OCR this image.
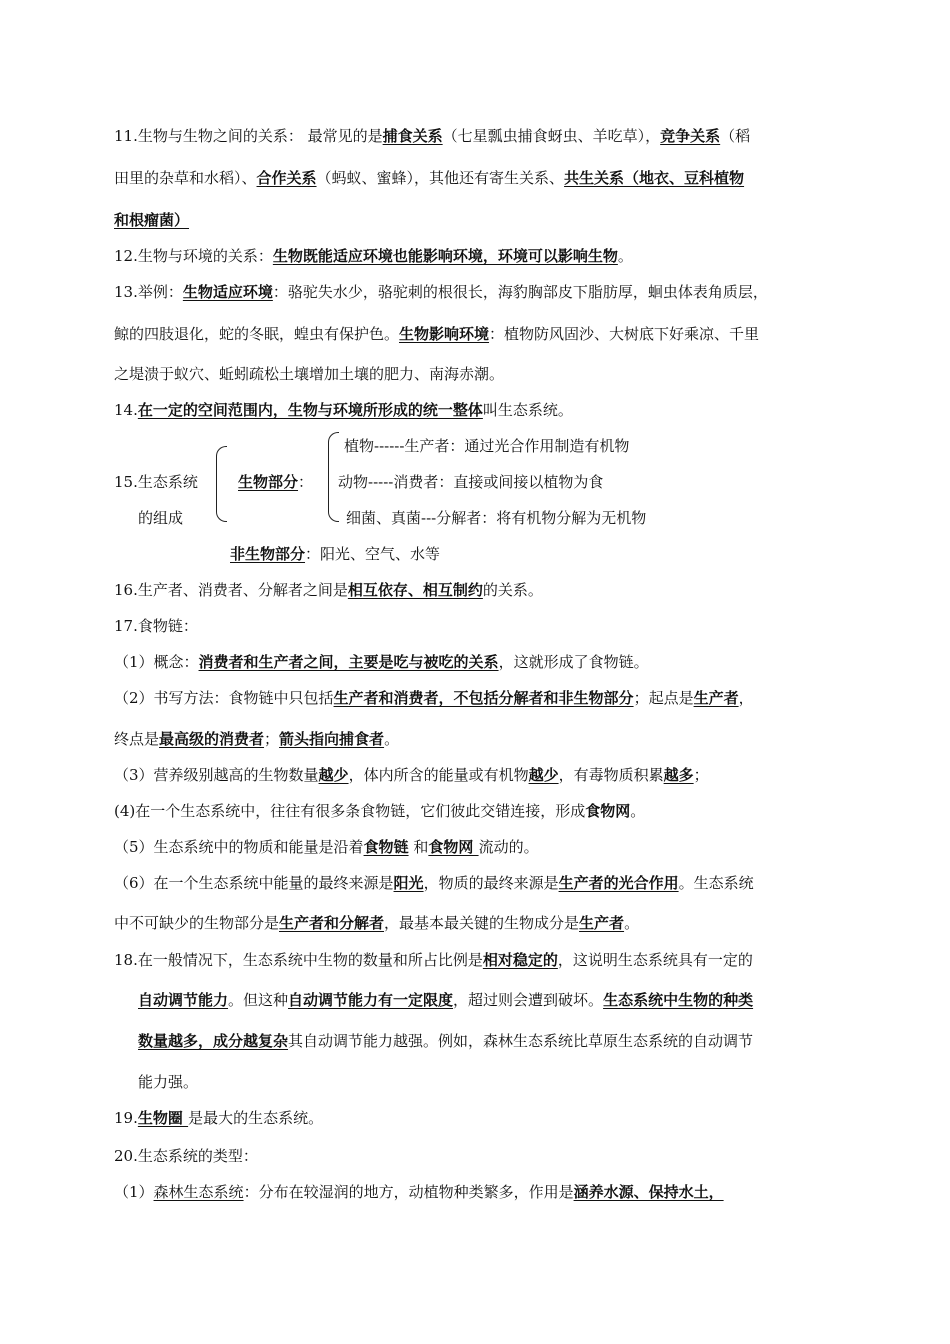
11.生物与生物之间的关系： 最常见的是捕食关系（七星瓢虫捕食蚜虫、羊吃草），竞争关系（稻
田里的杂草和水稻）、合作关系（蚂蚁、蜜蜂），其他还有寄生关系、共生关系（地衣、豆科植物
和根瘤菌）
12.生物与环境的关系：生物既能适应环境也能影响环境，环境可以影响生物。
13.举例：生物适应环境：骆驼失水少，骆驼刺的根很长，海豹胸部皮下脂肪厚，蛔虫体表角质层，
鲸的四肢退化，蛇的冬眠，蝗虫有保护色。生物影响环境：植物防风固沙、大树底下好乘凉、千里
之堤溃于蚁穴、蚯蚓疏松土壤增加土壤的肥力、南海赤潮。
14.在一定的空间范围内，生物与环境所形成的统一整体叫生态系统。
15.生态系统
的组成
生物部分：
植物------生产者：通过光合作用制造有机物
动物-----消费者：直接或间接以植物为食
细菌、真菌---分解者：将有机物分解为无机物
非生物部分：阳光、空气、水等
16.生产者、消费者、分解者之间是相互依存、相互制约的关系。
17.食物链：
（1）概念：消费者和生产者之间，主要是吃与被吃的关系，这就形成了食物链。
（2）书写方法：食物链中只包括生产者和消费者，不包括分解者和非生物部分；起点是生产者，
终点是最高级的消费者；箭头指向捕食者。
（3）营养级别越高的生物数量越少，体内所含的能量或有机物越少，有毒物质积累越多；
(4)在一个生态系统中，往往有很多条食物链，它们彼此交错连接，形成食物网。
（5）生态系统中的物质和能量是沿着食物链 和食物网 流动的。
（6）在一个生态系统中能量的最终来源是阳光，物质的最终来源是生产者的光合作用。生态系统
中不可缺少的生物部分是生产者和分解者，最基本最关键的生物成分是生产者。
18.在一般情况下，生态系统中生物的数量和所占比例是相对稳定的，这说明生态系统具有一定的
自动调节能力。但这种自动调节能力有一定限度，超过则会遭到破坏。生态系统中生物的种类
数量越多，成分越复杂其自动调节能力越强。例如，森林生态系统比草原生态系统的自动调节
能力强。
19.生物圈 是最大的生态系统。
20.生态系统的类型：
（1）森林生态系统：分布在较湿润的地方，动植物种类繁多，作用是涵养水源、保持水土，
